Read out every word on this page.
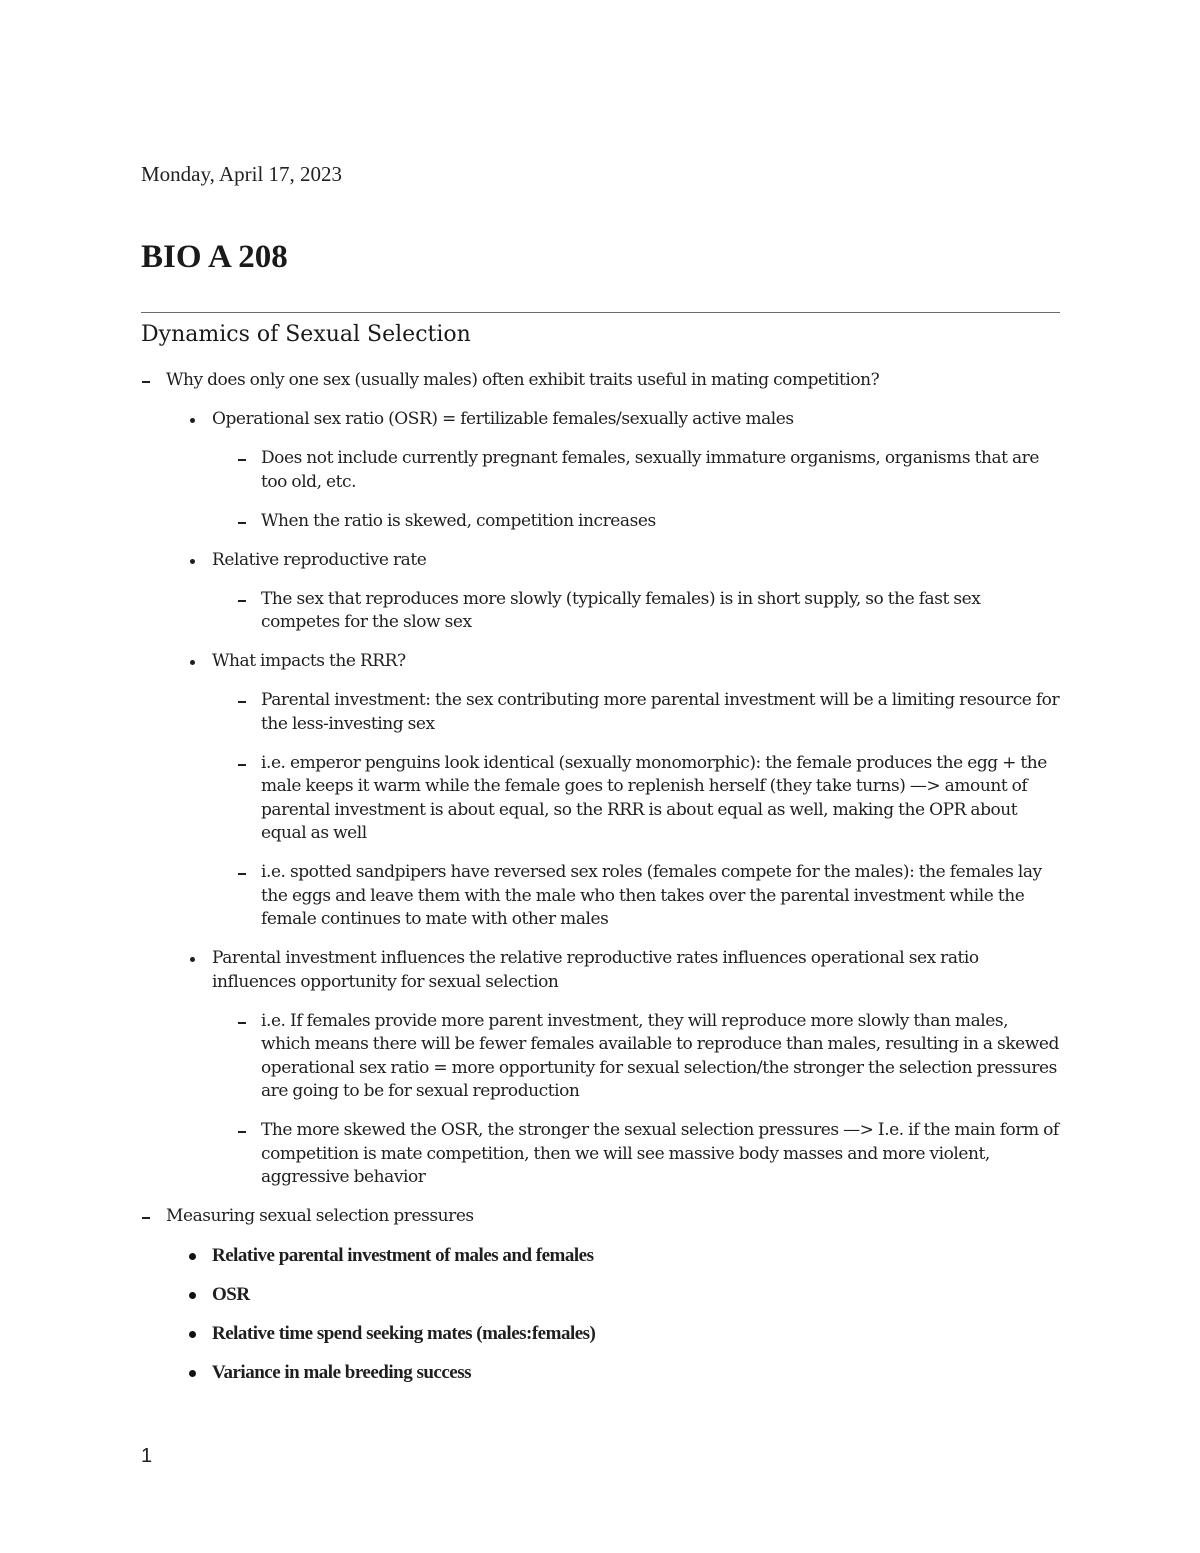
Monday, April 17, 2023
BIO A 208
Dynamics of Sexual Selection
Why does only one sex (usually males) often exhibit traits useful in mating competition?
Operational sex ratio (OSR) = fertilizable females/sexually active males
Does not include currently pregnant females, sexually immature organisms, organisms that are too old, etc.
When the ratio is skewed, competition increases
Relative reproductive rate
The sex that reproduces more slowly (typically females) is in short supply, so the fast sex competes for the slow sex
What impacts the RRR?
Parental investment: the sex contributing more parental investment will be a limiting resource for the less-investing sex
i.e. emperor penguins look identical (sexually monomorphic): the female produces the egg + the male keeps it warm while the female goes to replenish herself (they take turns) —> amount of parental investment is about equal, so the RRR is about equal as well, making the OPR about equal as well
i.e. spotted sandpipers have reversed sex roles (females compete for the males): the females lay the eggs and leave them with the male who then takes over the parental investment while the female continues to mate with other males
Parental investment influences the relative reproductive rates influences operational sex ratio influences opportunity for sexual selection
i.e. If females provide more parent investment, they will reproduce more slowly than males, which means there will be fewer females available to reproduce than males, resulting in a skewed operational sex ratio = more opportunity for sexual selection/the stronger the selection pressures are going to be for sexual reproduction
The more skewed the OSR, the stronger the sexual selection pressures —> I.e. if the main form of competition is mate competition, then we will see massive body masses and more violent, aggressive behavior
Measuring sexual selection pressures
Relative parental investment of males and females
OSR
Relative time spend seeking mates (males:females)
Variance in male breeding success
1
